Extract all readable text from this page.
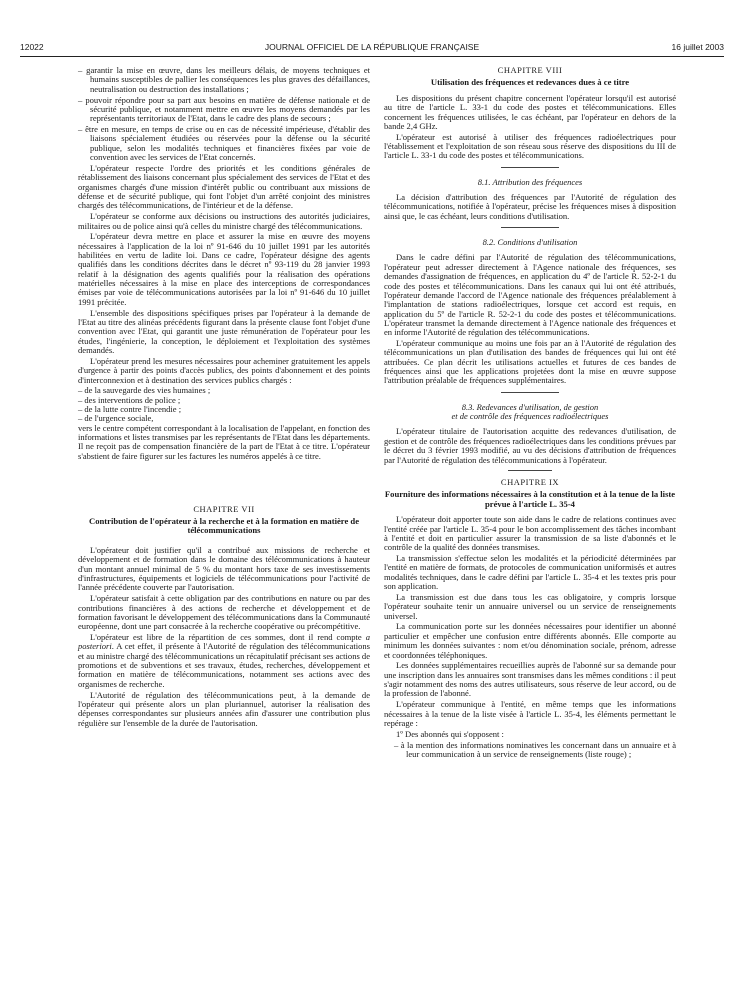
12022	JOURNAL OFFICIEL DE LA RÉPUBLIQUE FRANÇAISE	16 juillet 2003

– garantir la mise en œuvre, dans les meilleurs délais, de moyens techniques et humains susceptibles de pallier les conséquences les plus graves des défaillances, neutralisation ou destruction des installations ;

– pouvoir répondre pour sa part aux besoins en matière de défense nationale et de sécurité publique, et notamment mettre en œuvre les moyens demandés par les représentants territoriaux de l'Etat, dans le cadre des plans de secours ;

– être en mesure, en temps de crise ou en cas de nécessité impérieuse, d'établir des liaisons spécialement étudiées ou réservées pour la défense ou la sécurité publique, selon les modalités techniques et financières fixées par voie de convention avec les services de l'Etat concernés.

L'opérateur respecte l'ordre des priorités et les conditions générales de rétablissement des liaisons concernant plus spécialement des services de l'Etat et des organismes chargés d'une mission d'intérêt public ou contribuant aux missions de défense et de sécurité publique, qui font l'objet d'un arrêté conjoint des ministres chargés des télécommunications, de l'intérieur et de la défense.

L'opérateur se conforme aux décisions ou instructions des autorités judiciaires, militaires ou de police ainsi qu'à celles du ministre chargé des télécommunications.

L'opérateur devra mettre en place et assurer la mise en œuvre des moyens nécessaires à l'application de la loi nº 91-646 du 10 juillet 1991 par les autorités habilitées en vertu de ladite loi. Dans ce cadre, l'opérateur désigne des agents qualifiés dans les conditions décrites dans le décret nº 93-119 du 28 janvier 1993 relatif à la désignation des agents qualifiés pour la réalisation des opérations matérielles nécessaires à la mise en place des interceptions de correspondances émises par voie de télécommunications autorisées par la loi nº 91-646 du 10 juillet 1991 précitée.

L'ensemble des dispositions spécifiques prises par l'opérateur à la demande de l'Etat au titre des alinéas précédents figurant dans la présente clause font l'objet d'une convention avec l'Etat, qui garantit une juste rémunération de l'opérateur pour les études, l'ingénierie, la conception, le déploiement et l'exploitation des systèmes demandés.

L'opérateur prend les mesures nécessaires pour acheminer gratuitement les appels d'urgence à partir des points d'accès publics, des points d'abonnement et des points d'interconnexion et à destination des services publics chargés :

– de la sauvegarde des vies humaines ;

– des interventions de police ;

– de la lutte contre l'incendie ;

– de l'urgence sociale,

vers le centre compétent correspondant à la localisation de l'appelant, en fonction des informations et listes transmises par les représentants de l'Etat dans les départements. Il ne reçoit pas de compensation financière de la part de l'Etat à ce titre. L'opérateur s'abstient de faire figurer sur les factures les numéros appelés à ce titre.

CHAPITRE VII

Contribution de l'opérateur à la recherche et à la formation en matière de télécommunications

L'opérateur doit justifier qu'il a contribué aux missions de recherche et développement et de formation dans le domaine des télécommunications à hauteur d'un montant annuel minimal de 5 % du montant hors taxe de ses investissements d'infrastructures, équipements et logiciels de télécommunications pour l'activité de l'année précédente couverte par l'autorisation.

L'opérateur satisfait à cette obligation par des contributions en nature ou par des contributions financières à des actions de recherche et développement et de formation favorisant le développement des télécommunications dans la Communauté européenne, dont une part consacrée à la recherche coopérative ou précompétitive.

L'opérateur est libre de la répartition de ces sommes, dont il rend compte a posteriori. A cet effet, il présente à l'Autorité de régulation des télécommunications et au ministre chargé des télécommunications un récapitulatif précisant ses actions de promotions et de subventions et ses travaux, études, recherches, développement et formation en matière de télécommunications, notamment ses actions avec des organismes de recherche.

L'Autorité de régulation des télécommunications peut, à la demande de l'opérateur qui présente alors un plan pluriannuel, autoriser la réalisation des dépenses correspondantes sur plusieurs années afin d'assurer une contribution plus régulière sur l'ensemble de la durée de l'autorisation.

CHAPITRE VIII

Utilisation des fréquences et redevances dues à ce titre

Les dispositions du présent chapitre concernent l'opérateur lorsqu'il est autorisé au titre de l'article L. 33-1 du code des postes et télécommunications. Elles concernent les fréquences utilisées, le cas échéant, par l'opérateur en dehors de la bande 2,4 GHz.

L'opérateur est autorisé à utiliser des fréquences radioélectriques pour l'établissement et l'exploitation de son réseau sous réserve des dispositions du III de l'article L. 33-1 du code des postes et télécommunications.

8.1. Attribution des fréquences

La décision d'attribution des fréquences par l'Autorité de régulation des télécommunications, notifiée à l'opérateur, précise les fréquences mises à disposition ainsi que, le cas échéant, leurs conditions d'utilisation.

8.2. Conditions d'utilisation

Dans le cadre défini par l'Autorité de régulation des télécommunications, l'opérateur peut adresser directement à l'Agence nationale des fréquences, ses demandes d'assignation de fréquences, en application du 4º de l'article R. 52-2-1 du code des postes et télécommunications. Dans les canaux qui lui ont été attribués, l'opérateur demande l'accord de l'Agence nationale des fréquences préalablement à l'implantation de stations radioélectriques, lorsque cet accord est requis, en application du 5º de l'article R. 52-2-1 du code des postes et télécommunications. L'opérateur transmet la demande directement à l'Agence nationale des fréquences et en informe l'Autorité de régulation des télécommunications.

L'opérateur communique au moins une fois par an à l'Autorité de régulation des télécommunications un plan d'utilisation des bandes de fréquences qui lui ont été attribuées. Ce plan décrit les utilisations actuelles et futures de ces bandes de fréquences ainsi que les applications projetées dont la mise en œuvre suppose l'attribution préalable de fréquences supplémentaires.

8.3. Redevances d'utilisation, de gestion

et de contrôle des fréquences radioélectriques

L'opérateur titulaire de l'autorisation acquitte des redevances d'utilisation, de gestion et de contrôle des fréquences radioélectriques dans les conditions prévues par le décret du 3 février 1993 modifié, au vu des décisions d'attribution de fréquences par l'Autorité de régulation des télécommunications à l'opérateur.

CHAPITRE IX

Fourniture des informations nécessaires à la constitution et à la tenue de la liste prévue à l'article L. 35-4

L'opérateur doit apporter toute son aide dans le cadre de relations continues avec l'entité créée par l'article L. 35-4 pour le bon accomplissement des tâches incombant à l'entité et doit en particulier assurer la transmission de sa liste d'abonnés et le contrôle de la qualité des données transmises.

La transmission s'effectue selon les modalités et la périodicité déterminées par l'entité en matière de formats, de protocoles de communication uniformisés et autres modalités techniques, dans le cadre défini par l'article L. 35-4 et les textes pris pour son application.

La transmission est due dans tous les cas obligatoire, y compris lorsque l'opérateur souhaite tenir un annuaire universel ou un service de renseignements universel.

La communication porte sur les données nécessaires pour identifier un abonné particulier et empêcher une confusion entre différents abonnés. Elle comporte au minimum les données suivantes : nom et/ou dénomination sociale, prénom, adresse et coordonnées téléphoniques.

Les données supplémentaires recueillies auprès de l'abonné sur sa demande pour une inscription dans les annuaires sont transmises dans les mêmes conditions : il peut s'agir notamment des noms des autres utilisateurs, sous réserve de leur accord, ou de la profession de l'abonné.

L'opérateur communique à l'entité, en même temps que les informations nécessaires à la tenue de la liste visée à l'article L. 35-4, les éléments permettant le repérage :

1º Des abonnés qui s'opposent :

– à la mention des informations nominatives les concernant dans un annuaire et à leur communication à un service de renseignements (liste rouge) ;
